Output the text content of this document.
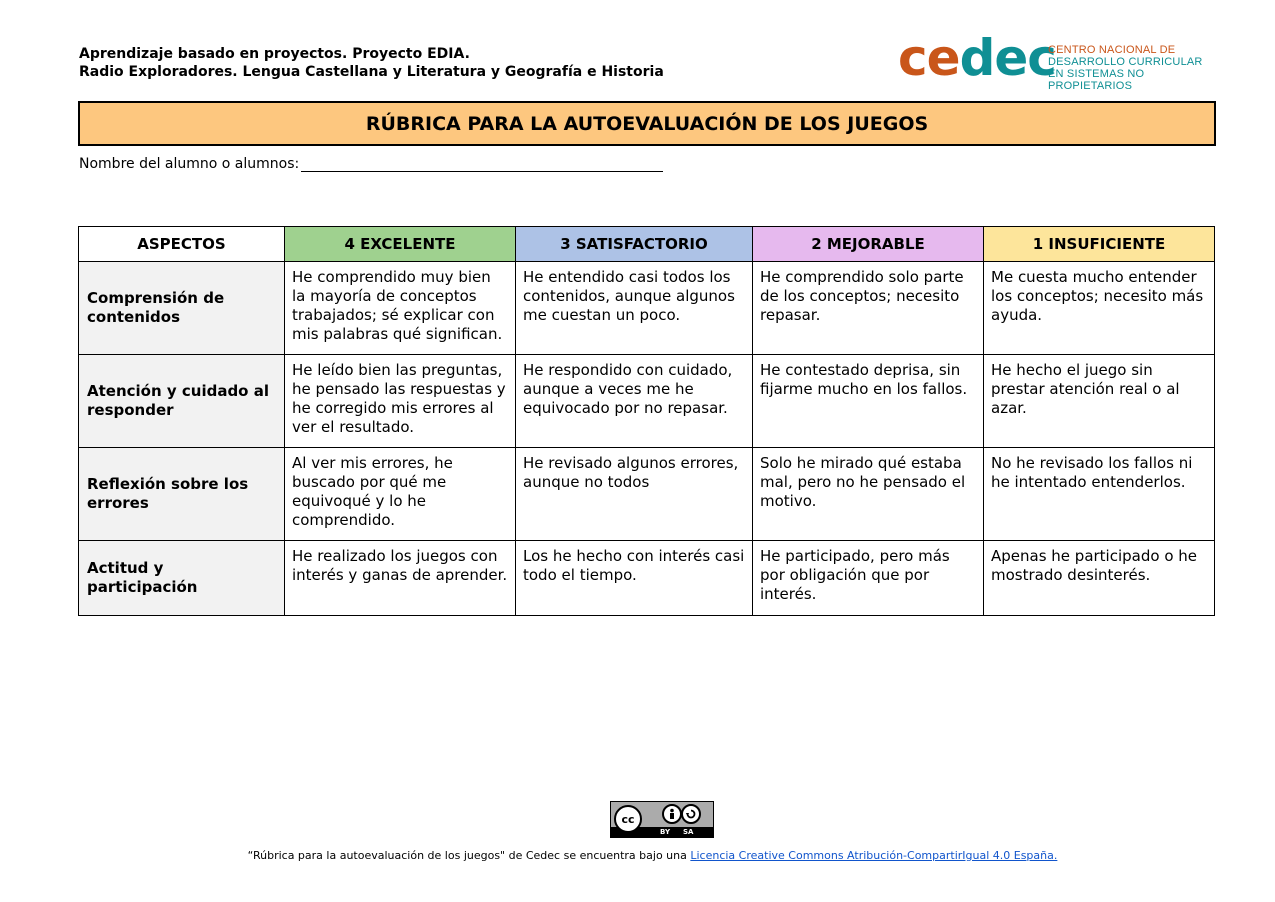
Aprendizaje basado en proyectos. Proyecto EDIA.
Radio Exploradores. Lengua Castellana y Literatura y Geografía e Historia	cedec
CENTRO NACIONAL DE
DESARROLLO CURRICULAR
EN SISTEMAS NO PROPIETARIOS
RÚBRICA PARA LA AUTOEVALUACIÓN DE LOS JUEGOS
Nombre del alumno o alumnos:
ASPECTOS	4 EXCELENTE	3 SATISFACTORIO	2 MEJORABLE	1 INSUFICIENTE
Comprensión de contenidos	He comprendido muy bien la mayoría de conceptos trabajados; sé explicar con mis palabras qué significan.	He entendido casi todos los contenidos, aunque algunos me cuestan un poco.	He comprendido solo parte de los conceptos; necesito repasar.	Me cuesta mucho entender los conceptos; necesito más ayuda.
Atención y cuidado al responder	He leído bien las preguntas, he pensado las respuestas y he corregido mis errores al ver el resultado.	He respondido con cuidado, aunque a veces me he equivocado por no repasar.	He contestado deprisa, sin fijarme mucho en los fallos.	He hecho el juego sin prestar atención real o al azar.
Reflexión sobre los errores	Al ver mis errores, he buscado por qué me equivoqué y lo he comprendido.	He revisado algunos errores, aunque no todos	Solo he mirado qué estaba mal, pero no he pensado el motivo.	No he revisado los fallos ni he intentado entenderlos.
Actitud y participación	He realizado los juegos con interés y ganas de aprender.	Los he hecho con interés casi todo el tiempo.	He participado, pero más por obligación que por interés.	Apenas he participado o he mostrado desinterés.
cc
BY SA
“Rúbrica para la autoevaluación de los juegos" de Cedec se encuentra bajo una Licencia Creative Commons Atribución-CompartirIgual 4.0 España.
